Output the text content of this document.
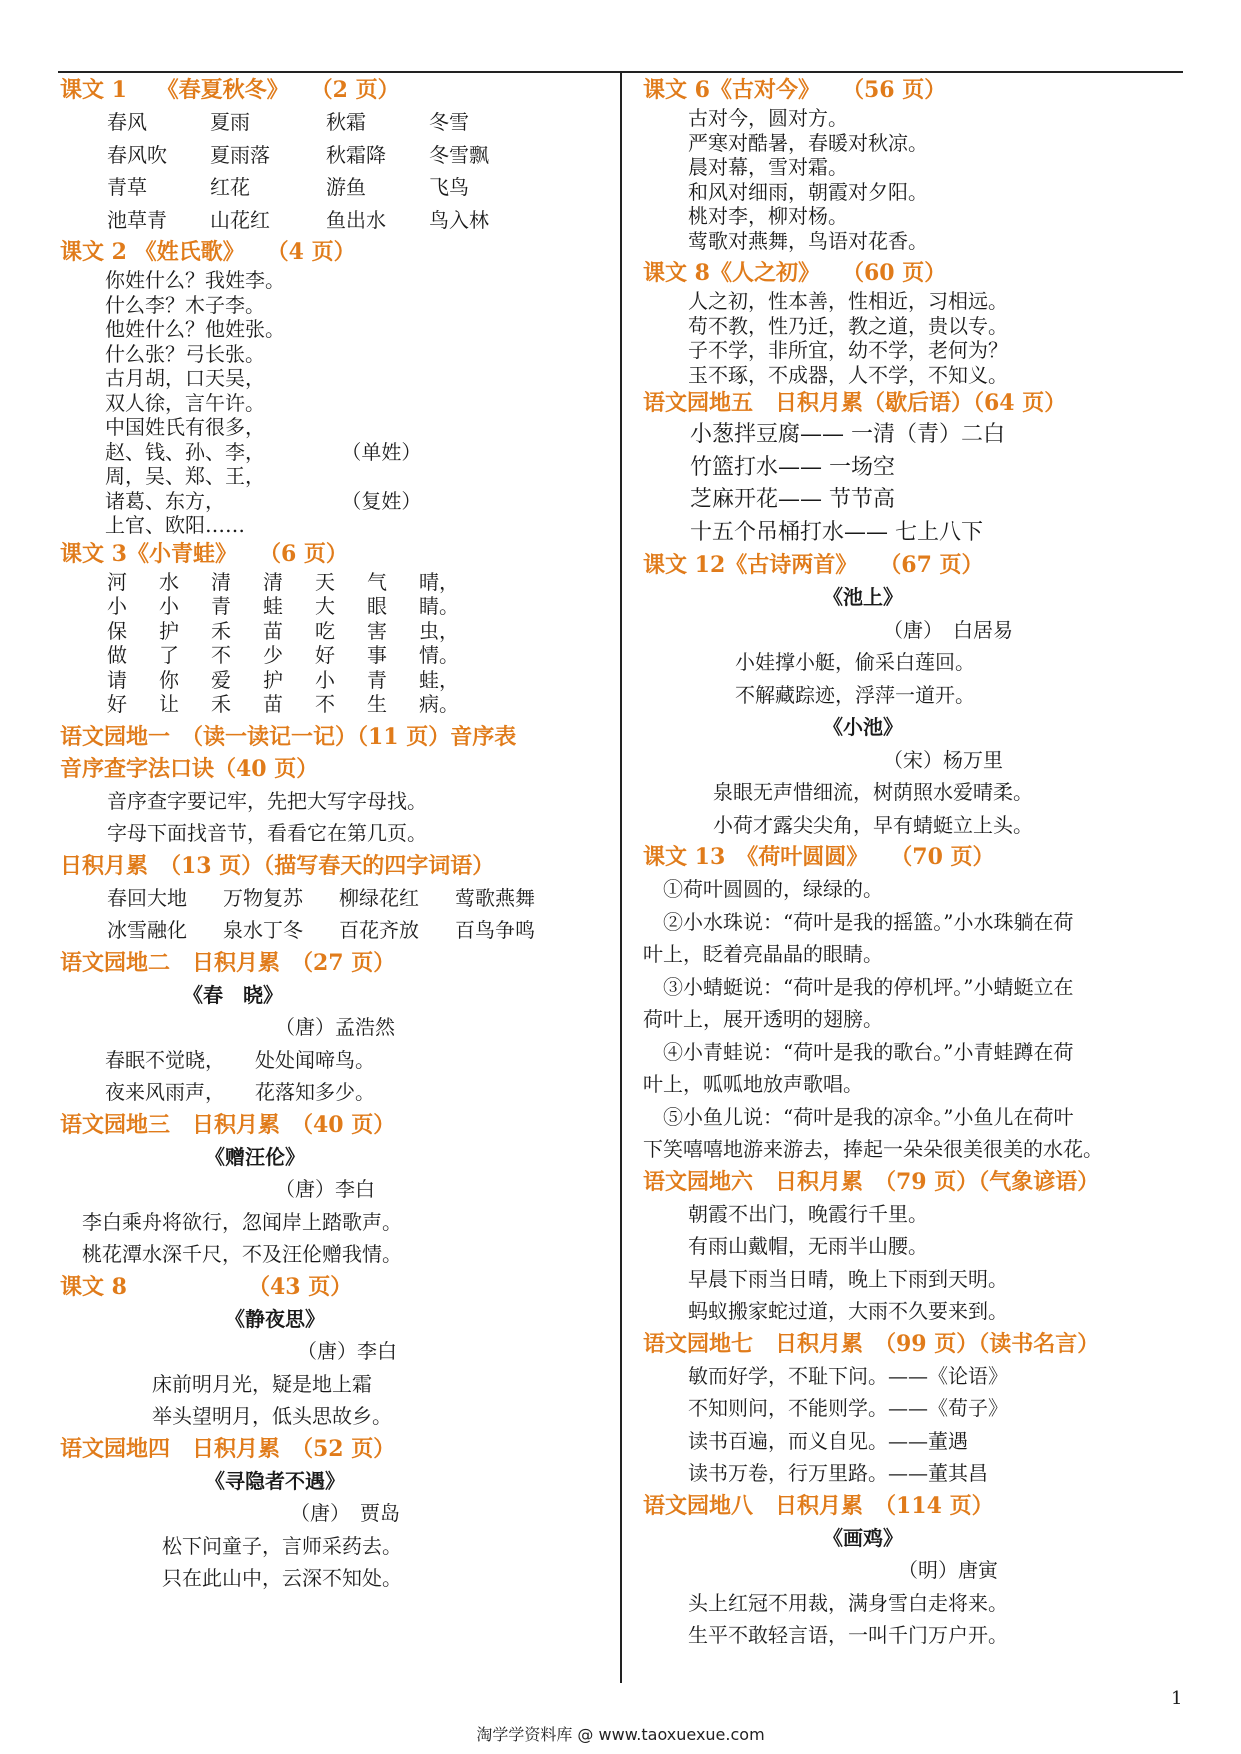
课文 1　 《春夏秋冬》　　（2 页）
春风	夏雨	秋霜	冬雪
春风吹	夏雨落	秋霜降	冬雪飘
青草	红花	游鱼	飞鸟
池草青	山花红	鱼出水	鸟入林
课文 2 《姓氏歌》　　（4 页）
你姓什么？我姓李。
什么李？木子李。
他姓什么？他姓张。
什么张？弓长张。
古月胡，口天吴，
双人徐，言午许。
中国姓氏有很多，
赵、钱、孙、李，　　　　 （单姓）
周，吴、郑、王，
诸葛、东方，　　　　　　 （复姓）
上官、欧阳……
课文 3《小青蛙》　　（6 页）
河	水	清	清	天	气	晴，
小	小	青	蛙	大	眼	睛。
保	护	禾	苗	吃	害	虫，
做	了	不	少	好	事	情。
请	你	爱	护	小	青	蛙，
好	让	禾	苗	不	生	病。
语文园地一　（读一读记一记）（11 页）音序表
音序查字法口诀（40 页）
音序查字要记牢，先把大写字母找。
字母下面找音节，看看它在第几页。
日积月累　（13 页）（描写春天的四字词语）
春回大地	万物复苏	柳绿花红	莺歌燕舞
冰雪融化	泉水丁冬	百花齐放	百鸟争鸣
语文园地二　日积月累　（27 页）
《春　晓》
（唐）孟浩然
春眠不觉晓，　　处处闻啼鸟。
夜来风雨声，　　花落知多少。
语文园地三　日积月累　（40 页）
《赠汪伦》
（唐）李白
李白乘舟将欲行，忽闻岸上踏歌声。
桃花潭水深千尺，不及汪伦赠我情。
课文 8　　　　　　（43 页）
《静夜思》
（唐）李白
床前明月光，疑是地上霜
举头望明月，低头思故乡。
语文园地四　日积月累　（52 页）
《寻隐者不遇》
（唐）　贾岛
松下问童子，言师采药去。
只在此山中，云深不知处。
课文 6《古对今》　　（56 页）
古对今，圆对方。
严寒对酷暑，春暖对秋凉。
晨对幕，雪对霜。
和风对细雨，朝霞对夕阳。
桃对李，柳对杨。
莺歌对燕舞，鸟语对花香。
课文 8《人之初》　　（60 页）
人之初，性本善，性相近，习相远。
苟不教，性乃迁，教之道，贵以专。
子不学，非所宜，幼不学，老何为？
玉不琢，不成器，人不学，不知义。
语文园地五　日积月累（歇后语）（64 页）
小葱拌豆腐—— 一清（青）二白
竹篮打水—— 一场空
芝麻开花—— 节节高
十五个吊桶打水—— 七上八下
课文 12《古诗两首》　　（67 页）
《池上》
（唐）　白居易
小娃撑小艇，偷采白莲回。
不解藏踪迹，浮萍一道开。
《小池》
（宋）杨万里
泉眼无声惜细流，树荫照水爱晴柔。
小荷才露尖尖角，早有蜻蜓立上头。
课文 13　《荷叶圆圆》　　（70 页）
　①荷叶圆圆的，绿绿的。
　②小水珠说：“荷叶是我的摇篮。”小水珠躺在荷
叶上，眨着亮晶晶的眼睛。
　③小蜻蜓说：“荷叶是我的停机坪。”小蜻蜓立在
荷叶上，展开透明的翅膀。
　④小青蛙说：“荷叶是我的歌台。”小青蛙蹲在荷
叶上，呱呱地放声歌唱。
　⑤小鱼儿说：“荷叶是我的凉伞。”小鱼儿在荷叶
下笑嘻嘻地游来游去，捧起一朵朵很美很美的水花。
语文园地六　日积月累　（79 页）（气象谚语）
朝霞不出门，晚霞行千里。
有雨山戴帽，无雨半山腰。
早晨下雨当日晴，晚上下雨到天明。
蚂蚁搬家蛇过道，大雨不久要来到。
语文园地七　日积月累　（99 页）（读书名言）
敏而好学，不耻下问。——《论语》
不知则问，不能则学。——《荀子》
读书百遍，而义自见。——董遇
读书万卷，行万里路。——董其昌
语文园地八　日积月累　（114 页）
《画鸡》
（明）唐寅
头上红冠不用裁，满身雪白走将来。
生平不敢轻言语，一叫千门万户开。
1
淘学学资料库 @ www.taoxuexue.com
